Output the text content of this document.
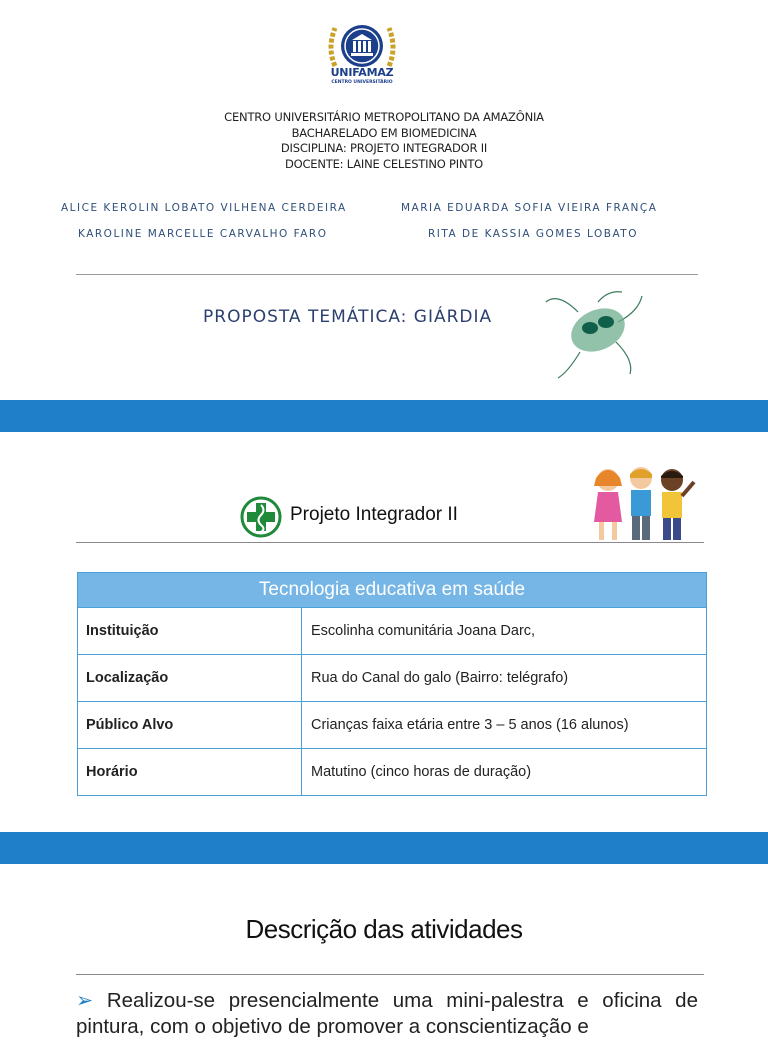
UNIFAMAZ
CENTRO UNIVERSITÁRIO
CENTRO UNIVERSITÁRIO METROPOLITANO DA AMAZÔNIA
BACHARELADO EM BIOMEDICINA
DISCIPLINA: PROJETO INTEGRADOR II
DOCENTE: LAINE CELESTINO PINTO
ALICE KEROLIN LOBATO VILHENA CERDEIRA	MARIA EDUARDA SOFIA VIEIRA FRANÇA
KAROLINE MARCELLE CARVALHO FARO	RITA DE KASSIA GOMES LOBATO
PROPOSTA TEMÁTICA: GIÁRDIA
Projeto Integrador II
Tecnologia educativa em saúde
Instituição	Escolinha comunitária Joana Darc,
Localização	Rua do Canal do galo (Bairro: telégrafo)
Público Alvo	Crianças faixa etária entre 3 – 5 anos (16 alunos)
Horário	Matutino (cinco horas de duração)
Descrição das atividades
➢ Realizou-se presencialmente uma mini-palestra e oficina de pintura, com o objetivo de promover a conscientização e
